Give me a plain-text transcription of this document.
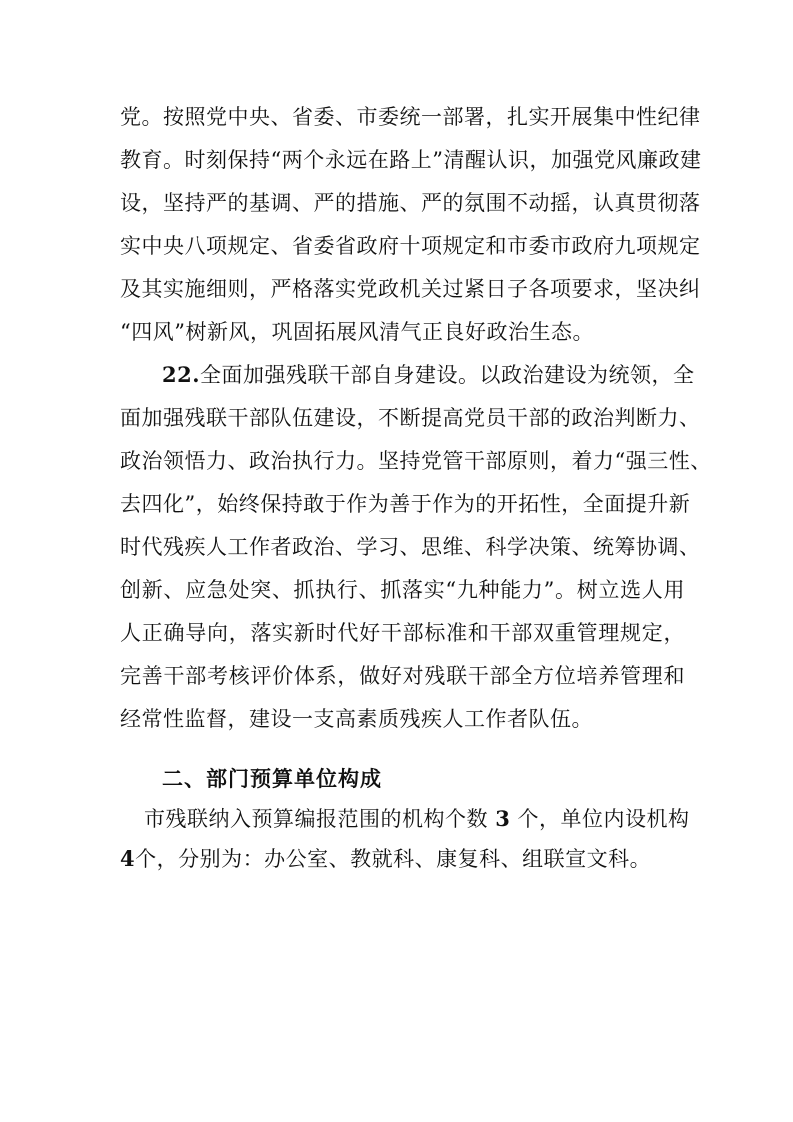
党。按照党中央、省委、市委统一部署，扎实开展集中性纪律
教育。时刻保持“两个永远在路上”清醒认识，加强党风廉政建
设，坚持严的基调、严的措施、严的氛围不动摇，认真贯彻落
实中央八项规定、省委省政府十项规定和市委市政府九项规定
及其实施细则，严格落实党政机关过紧日子各项要求，坚决纠
“四风”树新风，巩固拓展风清气正良好政治生态。
22.全面加强残联干部自身建设。以政治建设为统领，全
面加强残联干部队伍建设，不断提高党员干部的政治判断力、
政治领悟力、政治执行力。坚持党管干部原则，着力“强三性、
去四化”，始终保持敢于作为善于作为的开拓性，全面提升新
时代残疾人工作者政治、学习、思维、科学决策、统筹协调、
创新、应急处突、抓执行、抓落实“九种能力”。树立选人用
人正确导向，落实新时代好干部标准和干部双重管理规定，
完善干部考核评价体系，做好对残联干部全方位培养管理和
经常性监督，建设一支高素质残疾人工作者队伍。
二、部门预算单位构成
市残联纳入预算编报范围的机构个数 3 个，单位内设机构 4个，分别为：办公室、教就科、康复科、组联宣文科。
